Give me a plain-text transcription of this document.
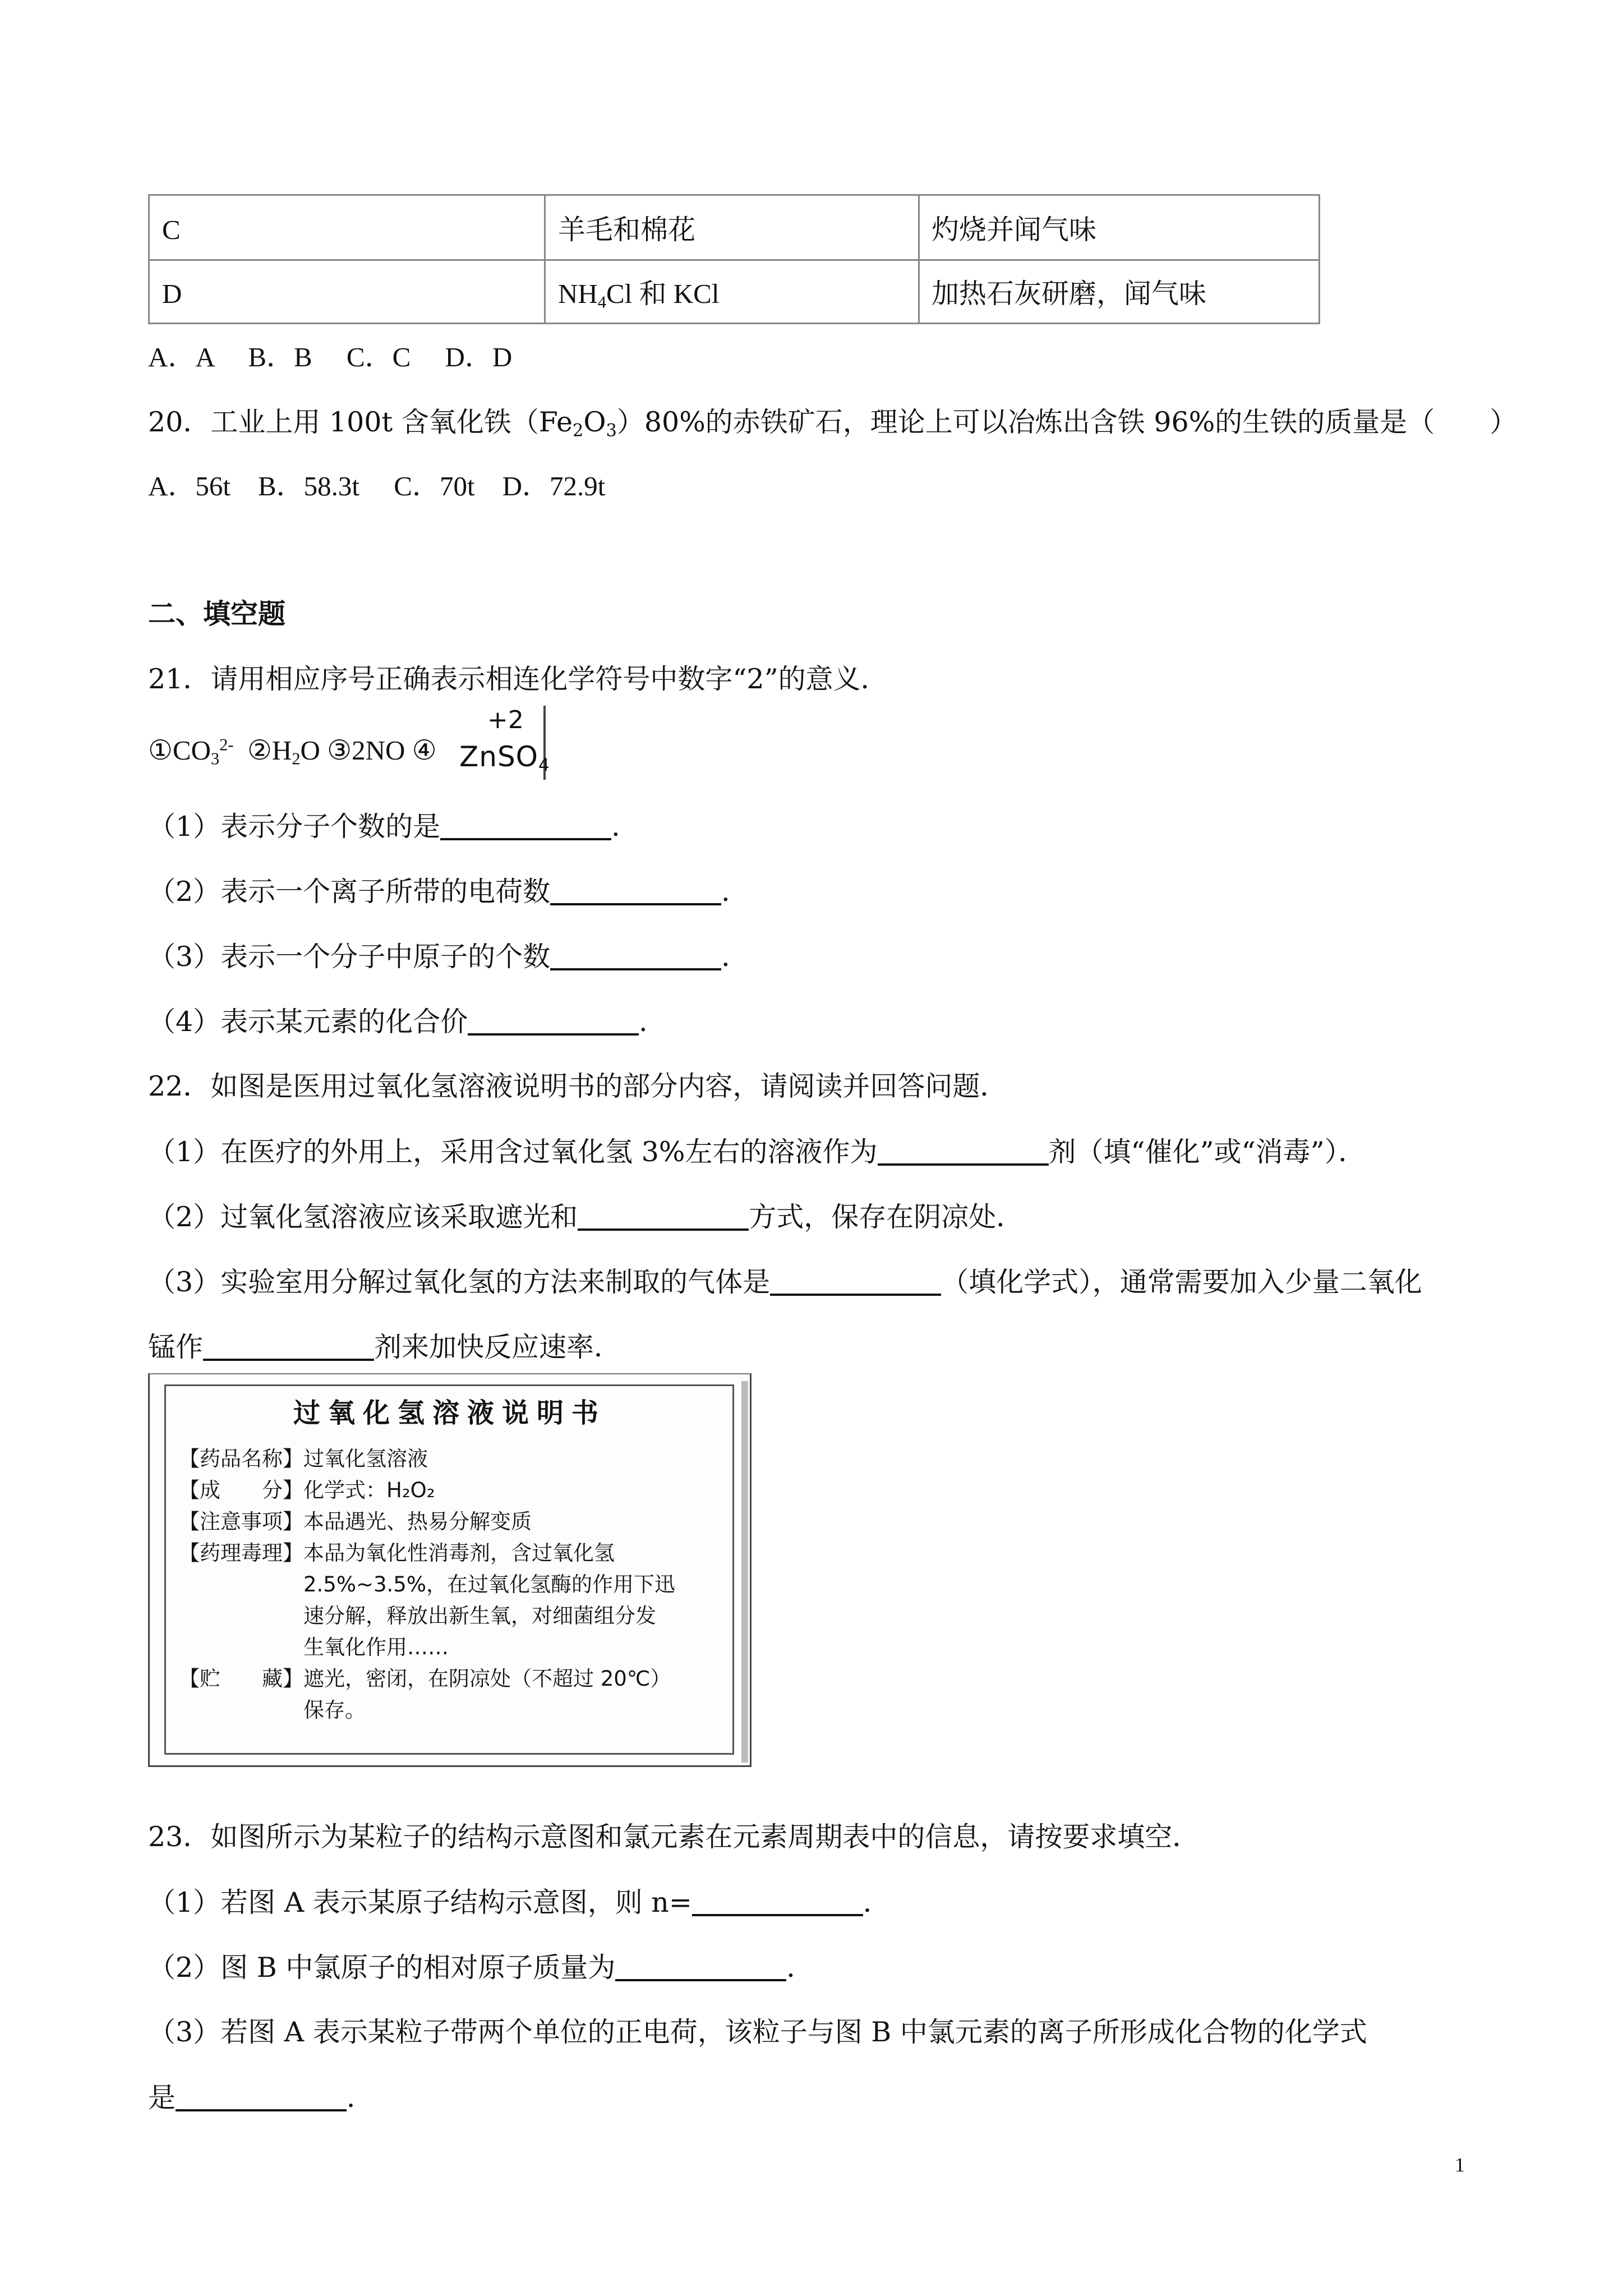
C	羊毛和棉花	灼烧并闻气味
D	$NH_4Cl$ 和 KCl	加热石灰研磨，闻气味
A．A　 B．B　 C．C　 D．D
20．工业上用 100t 含氧化铁$(Fe_2O_3)80\%$的赤铁矿石，理论上可以冶炼出含铁 96%的生铁的质量是（　　）
A．56t　B．58.3t　 C．70t　D．72.9t
二、填空题
21．请用相应序号正确表示相连化学符号中数字“2”的意义．
$①CO_3^{2-}$ $②H_2O$ ③2NO ④
+2
ZnSO$_4$
（1）表示分子个数的是	．
（2）表示一个离子所带的电荷数	．
（3）表示一个分子中原子的个数	．
（4）表示某元素的化合价	．
22．如图是医用过氧化氢溶液说明书的部分内容，请阅读并回答问题．
（1）在医疗的外用上，采用含过氧化氢 3%左右的溶液作为	剂（填“催化”或“消毒”）．
（2）过氧化氢溶液应该采取遮光和	方式，保存在阴凉处．
（3）实验室用分解过氧化氢的方法来制取的气体是	（填化学式），通常需要加入少量二氧化
锰作	剂来加快反应速率．
过氧化氢溶液说明书
【药品名称】过氧化氢溶液
【成　　分】化学式：H₂O₂
【注意事项】本品遇光、热易分解变质
【药理毒理】本品为氧化性消毒剂，含过氧化氢
　　　　　　2.5%~3.5%，在过氧化氢酶的作用下迅
　　　　　　速分解，释放出新生氧，对细菌组分发
　　　　　　生氧化作用……
【贮　　藏】遮光，密闭，在阴凉处（不超过 20℃）
　　　　　　保存。
23．如图所示为某粒子的结构示意图和氯元素在元素周期表中的信息，请按要求填空．
（1）若图 A 表示某原子结构示意图，则 n=	．
（2）图 B 中氯原子的相对原子质量为	．
（3）若图 A 表示某粒子带两个单位的正电荷，该粒子与图 B 中氯元素的离子所形成化合物的化学式
是	．
1
